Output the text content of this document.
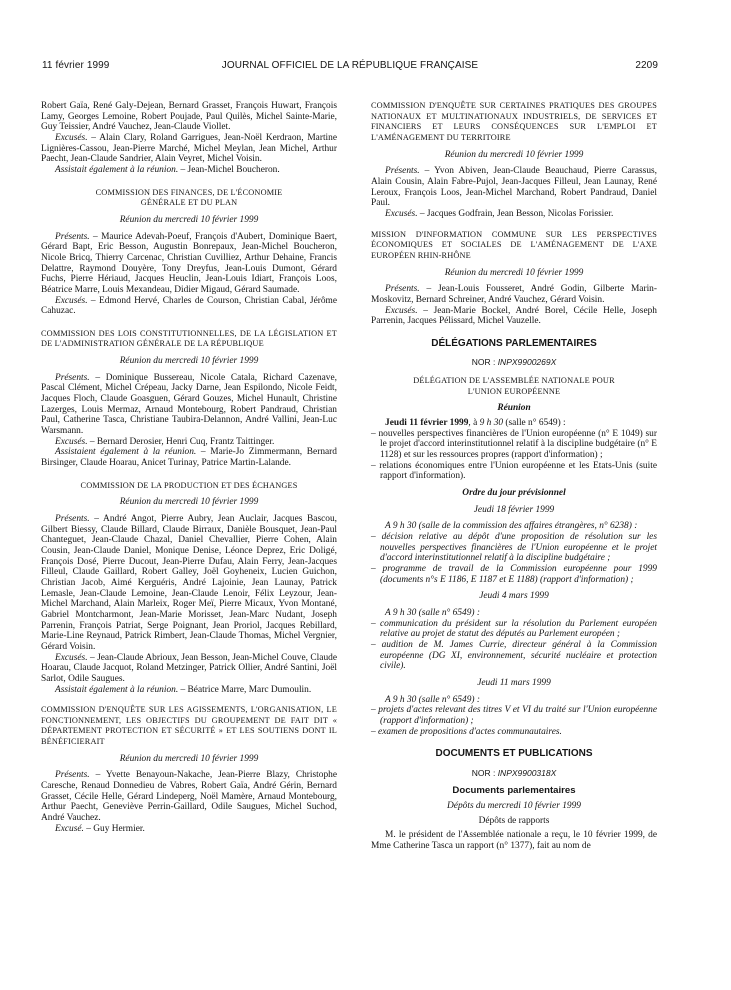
11 février 1999	JOURNAL OFFICIEL DE LA RÉPUBLIQUE FRANÇAISE	2209

Robert Gaïa, René Galy-Dejean, Bernard Grasset, François Huwart, François Lamy, Georges Lemoine, Robert Poujade, Paul Quilès, Michel Sainte-Marie, Guy Teissier, André Vauchez, Jean-Claude Viollet.

Excusés. – Alain Clary, Roland Garrigues, Jean-Noël Kerdraon, Martine Lignières-Cassou, Jean-Pierre Marché, Michel Meylan, Jean Michel, Arthur Paecht, Jean-Claude Sandrier, Alain Veyret, Michel Voisin.

Assistait également à la réunion. – Jean-Michel Boucheron.

COMMISSION DES FINANCES, DE L'ÉCONOMIE GÉNÉRALE ET DU PLAN

Réunion du mercredi 10 février 1999

Présents. – Maurice Adevah-Poeuf, François d'Aubert, Dominique Baert, Gérard Bapt, Eric Besson, Augustin Bonrepaux, Jean-Michel Boucheron, Nicole Bricq, Thierry Carcenac, Christian Cuvilliez, Arthur Dehaine, Francis Delattre, Raymond Douyère, Tony Dreyfus, Jean-Louis Dumont, Gérard Fuchs, Pierre Hériaud, Jacques Heuclin, Jean-Louis Idiart, François Loos, Béatrice Marre, Louis Mexandeau, Didier Migaud, Gérard Saumade.

Excusés. – Edmond Hervé, Charles de Courson, Christian Cabal, Jérôme Cahuzac.

COMMISSION DES LOIS CONSTITUTIONNELLES, DE LA LÉGISLATION ET DE L'ADMINISTRATION GÉNÉRALE DE LA RÉPUBLIQUE

Réunion du mercredi 10 février 1999

Présents. – Dominique Bussereau, Nicole Catala, Richard Cazenave, Pascal Clément, Michel Crépeau, Jacky Darne, Jean Espilondo, Nicole Feidt, Jacques Floch, Claude Goasguen, Gérard Gouzes, Michel Hunault, Christine Lazerges, Louis Mermaz, Arnaud Montebourg, Robert Pandraud, Christian Paul, Catherine Tasca, Christiane Taubira-Delannon, André Vallini, Jean-Luc Warsmann.

Excusés. – Bernard Derosier, Henri Cuq, Frantz Taittinger.

Assistaient également à la réunion. – Marie-Jo Zimmermann, Bernard Birsinger, Claude Hoarau, Anicet Turinay, Patrice Martin-Lalande.

COMMISSION DE LA PRODUCTION ET DES ÉCHANGES

Réunion du mercredi 10 février 1999

Présents. – André Angot, Pierre Aubry, Jean Auclair, Jacques Bascou, Gilbert Biessy, Claude Billard, Claude Birraux, Danièle Bousquet, Jean-Paul Chanteguet, Jean-Claude Chazal, Daniel Chevallier, Pierre Cohen, Alain Cousin, Jean-Claude Daniel, Monique Denise, Léonce Deprez, Eric Doligé, François Dosé, Pierre Ducout, Jean-Pierre Dufau, Alain Ferry, Jean-Jacques Filleul, Claude Gaillard, Robert Galley, Joël Goyheneix, Lucien Guichon, Christian Jacob, Aimé Kerguéris, André Lajoinie, Jean Launay, Patrick Lemasle, Jean-Claude Lemoine, Jean-Claude Lenoir, Félix Leyzour, Jean-Michel Marchand, Alain Marleix, Roger Meï, Pierre Micaux, Yvon Montané, Gabriel Montcharmont, Jean-Marie Morisset, Jean-Marc Nudant, Joseph Parrenin, François Patriat, Serge Poignant, Jean Proriol, Jacques Rebillard, Marie-Line Reynaud, Patrick Rimbert, Jean-Claude Thomas, Michel Vergnier, Gérard Voisin.

Excusés. – Jean-Claude Abrioux, Jean Besson, Jean-Michel Couve, Claude Hoarau, Claude Jacquot, Roland Metzinger, Patrick Ollier, André Santini, Joël Sarlot, Odile Saugues.

Assistait également à la réunion. – Béatrice Marre, Marc Dumoulin.

COMMISSION D'ENQUÊTE SUR LES AGISSEMENTS, L'ORGANISATION, LE FONCTIONNEMENT, LES OBJECTIFS DU GROUPEMENT DE FAIT DIT « DÉPARTEMENT PROTECTION ET SÉCURITÉ » ET LES SOUTIENS DONT IL BÉNÉFICIERAIT

Réunion du mercredi 10 février 1999

Présents. – Yvette Benayoun-Nakache, Jean-Pierre Blazy, Christophe Caresche, Renaud Donnedieu de Vabres, Robert Gaïa, André Gérin, Bernard Grasset, Cécile Helle, Gérard Lindeperg, Noël Mamère, Arnaud Montebourg, Arthur Paecht, Geneviève Perrin-Gaillard, Odile Saugues, Michel Suchod, André Vauchez.

Excusé. – Guy Hermier.

COMMISSION D'ENQUÊTE SUR CERTAINES PRATIQUES DES GROUPES NATIONAUX ET MULTINATIONAUX INDUSTRIELS, DE SERVICES ET FINANCIERS ET LEURS CONSÉQUENCES SUR L'EMPLOI ET L'AMÉNAGEMENT DU TERRITOIRE

Réunion du mercredi 10 février 1999

Présents. – Yvon Abiven, Jean-Claude Beauchaud, Pierre Carassus, Alain Cousin, Alain Fabre-Pujol, Jean-Jacques Filleul, Jean Launay, René Leroux, François Loos, Jean-Michel Marchand, Robert Pandraud, Daniel Paul.

Excusés. – Jacques Godfrain, Jean Besson, Nicolas Forissier.

MISSION D'INFORMATION COMMUNE SUR LES PERSPECTIVES ÉCONOMIQUES ET SOCIALES DE L'AMÉNAGEMENT DE L'AXE EUROPÉEN RHIN-RHÔNE

Réunion du mercredi 10 février 1999

Présents. – Jean-Louis Fousseret, André Godin, Gilberte Marin-Moskovitz, Bernard Schreiner, André Vauchez, Gérard Voisin.

Excusés. – Jean-Marie Bockel, André Borel, Cécile Helle, Joseph Parrenin, Jacques Pélissard, Michel Vauzelle.

DÉLÉGATIONS PARLEMENTAIRES

NOR : INPX9900269X

DÉLÉGATION DE L'ASSEMBLÉE NATIONALE POUR L'UNION EUROPÉENNE

Réunion

Jeudi 11 février 1999, à 9 h 30 (salle n° 6549) :

– nouvelles perspectives financières de l'Union européenne (n° E 1049) sur le projet d'accord interinstitutionnel relatif à la discipline budgétaire (n° E 1128) et sur les ressources propres (rapport d'information) ;

– relations économiques entre l'Union européenne et les Etats-Unis (suite rapport d'information).

Ordre du jour prévisionnel

Jeudi 18 février 1999

A 9 h 30 (salle de la commission des affaires étrangères, n° 6238) :

– décision relative au dépôt d'une proposition de résolution sur les nouvelles perspectives financières de l'Union européenne et le projet d'accord interinstitutionnel relatif à la discipline budgétaire ;

– programme de travail de la Commission européenne pour 1999 (documents n°s E 1186, E 1187 et E 1188) (rapport d'information) ;

Jeudi 4 mars 1999

A 9 h 30 (salle n° 6549) :

– communication du président sur la résolution du Parlement européen relative au projet de statut des députés au Parlement européen ;

– audition de M. James Currie, directeur général à la Commission européenne (DG XI, environnement, sécurité nucléaire et protection civile).

Jeudi 11 mars 1999

A 9 h 30 (salle n° 6549) :

– projets d'actes relevant des titres V et VI du traité sur l'Union européenne (rapport d'information) ;

– examen de propositions d'actes communautaires.

DOCUMENTS ET PUBLICATIONS

NOR : INPX9900318X

Documents parlementaires

Dépôts du mercredi 10 février 1999

Dépôts de rapports

M. le président de l'Assemblée nationale a reçu, le 10 février 1999, de Mme Catherine Tasca un rapport (n° 1377), fait au nom de
